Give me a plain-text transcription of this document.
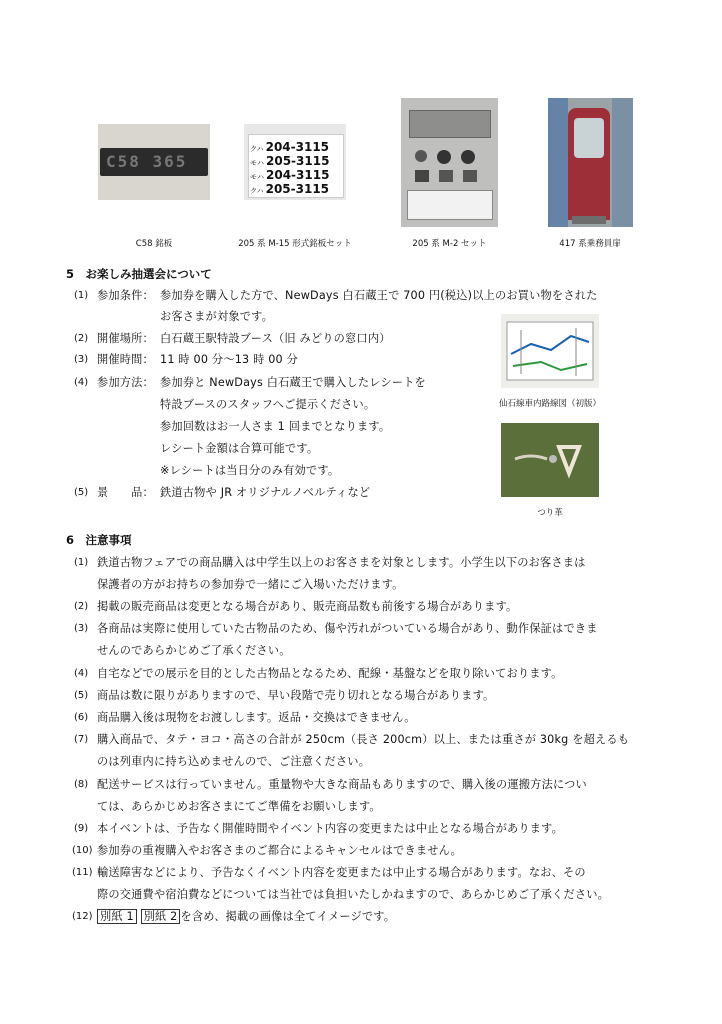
C58 365
C58 銘板
クハ 204-3115
モハ 205-3115
モハ 204-3115
クハ 205-3115
205 系 M-15 形式銘板セット	205 系 M-2 セット	417 系乗務員扉
5　お楽しみ抽選会について
(1) 参加条件： 参加券を購入した方で、NewDays 白石蔵王で 700 円(税込)以上のお買い物をされた
お客さまが対象です。
(2) 開催場所： 白石蔵王駅特設ブース（旧 みどりの窓口内）
(3) 開催時間： 11 時 00 分～13 時 00 分
(4) 参加方法： 参加券と NewDays 白石蔵王で購入したレシートを
特設ブースのスタッフへご提示ください。
参加回数はお一人さま 1 回までとなります。
レシート金額は合算可能です。
※レシートは当日分のみ有効です。
(5) 景　　品： 鉄道古物や JR オリジナルノベルティなど
仙石線車内路線図（初版）
つり革
6　注意事項
(1) 鉄道古物フェアでの商品購入は中学生以上のお客さまを対象とします。小学生以下のお客さまは
保護者の方がお持ちの参加券で一緒にご入場いただけます。
(2) 掲載の販売商品は変更となる場合があり、販売商品数も前後する場合があります。
(3) 各商品は実際に使用していた古物品のため、傷や汚れがついている場合があり、動作保証はできま
せんのであらかじめご了承ください。
(4) 自宅などでの展示を目的とした古物品となるため、配線・基盤などを取り除いております。
(5) 商品は数に限りがありますので、早い段階で売り切れとなる場合があります。
(6) 商品購入後は現物をお渡しします。返品・交換はできません。
(7) 購入商品で、タテ・ヨコ・高さの合計が 250cm（長さ 200cm）以上、または重さが 30kg を超えるも
のは列車内に持ち込めませんので、ご注意ください。
(8) 配送サービスは行っていません。重量物や大きな商品もありますので、購入後の運搬方法につい
ては、あらかじめお客さまにてご準備をお願いします。
(9) 本イベントは、予告なく開催時間やイベント内容の変更または中止となる場合があります。
(10) 参加券の重複購入やお客さまのご都合によるキャンセルはできません。
(11) 輸送障害などにより、予告なくイベント内容を変更または中止する場合があります。なお、その
際の交通費や宿泊費などについては当社では負担いたしかねますので、あらかじめご了承ください。
(12) 別紙 1 別紙 2 を含め、掲載の画像は全てイメージです。
